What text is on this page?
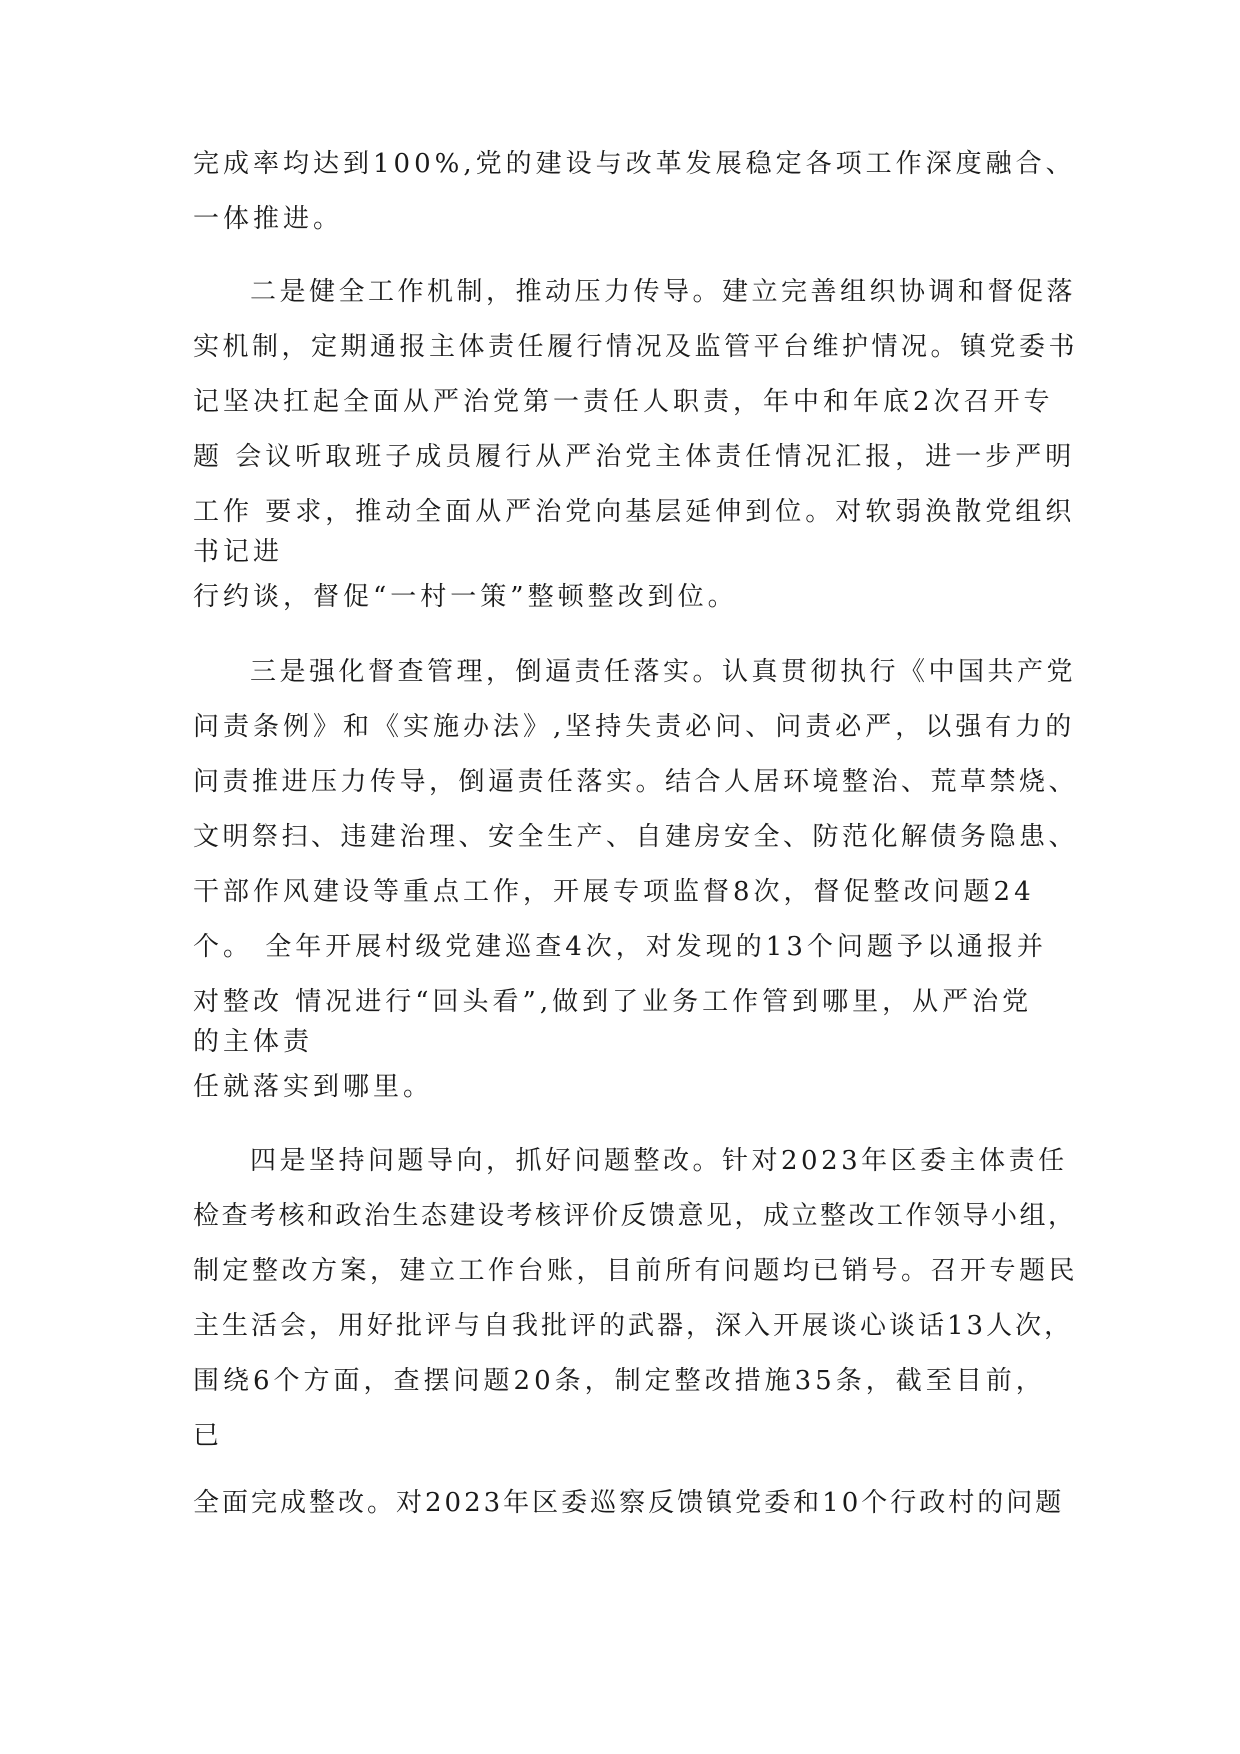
完成率均达到100%,党的建设与改革发展稳定各项工作深度融合、
一体推进。
二是健全工作机制，推动压力传导。建立完善组织协调和督促落
实机制，定期通报主体责任履行情况及监管平台维护情况。镇党委书
记坚决扛起全面从严治党第一责任人职责，年中和年底2次召开专
题 会议听取班子成员履行从严治党主体责任情况汇报，进一步严明
工作 要求，推动全面从严治党向基层延伸到位。对软弱涣散党组织
书记进
行约谈，督促“一村一策”整顿整改到位。
三是强化督查管理，倒逼责任落实。认真贯彻执行《中国共产党
问责条例》和《实施办法》,坚持失责必问、问责必严，以强有力的
问责推进压力传导，倒逼责任落实。结合人居环境整治、荒草禁烧、
文明祭扫、违建治理、安全生产、自建房安全、防范化解债务隐患、
干部作风建设等重点工作，开展专项监督8次，督促整改问题24
个。 全年开展村级党建巡查4次，对发现的13个问题予以通报并
对整改 情况进行“回头看”,做到了业务工作管到哪里，从严治党
的主体责
任就落实到哪里。
四是坚持问题导向，抓好问题整改。针对2023年区委主体责任
检查考核和政治生态建设考核评价反馈意见，成立整改工作领导小组，
制定整改方案，建立工作台账，目前所有问题均已销号。召开专题民
主生活会，用好批评与自我批评的武器，深入开展谈心谈话13人次，
围绕6个方面，查摆问题20条，制定整改措施35条，截至目前，
已
全面完成整改。对2023年区委巡察反馈镇党委和10个行政村的问题
